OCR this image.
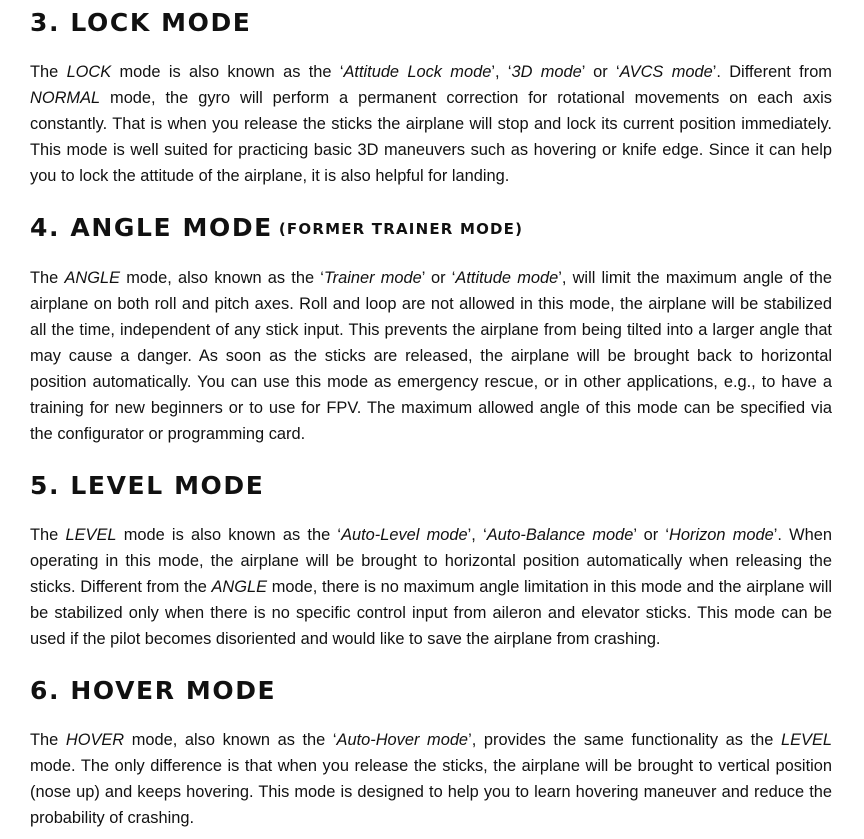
3. LOCK MODE

The LOCK mode is also known as the ‘Attitude Lock mode’, ‘3D mode’ or ‘AVCS mode’. Different from NORMAL mode, the gyro will perform a permanent correction for rotational movements on each axis constantly. That is when you release the sticks the airplane will stop and lock its current position immediately. This mode is well suited for practicing basic 3D maneuvers such as hovering or knife edge. Since it can help you to lock the attitude of the airplane, it is also helpful for landing.

4. ANGLE MODE (FORMER TRAINER MODE)

The ANGLE mode, also known as the ‘Trainer mode’ or ‘Attitude mode’, will limit the maximum angle of the airplane on both roll and pitch axes. Roll and loop are not allowed in this mode, the airplane will be stabilized all the time, independent of any stick input. This prevents the airplane from being tilted into a larger angle that may cause a danger. As soon as the sticks are released, the airplane will be brought back to horizontal position automatically. You can use this mode as emergency rescue, or in other applications, e.g., to have a training for new beginners or to use for FPV. The maximum allowed angle of this mode can be specified via the configurator or programming card.

5. LEVEL MODE

The LEVEL mode is also known as the ‘Auto-Level mode’, ‘Auto-Balance mode’ or ‘Horizon mode’. When operating in this mode, the airplane will be brought to horizontal position automatically when releasing the sticks. Different from the ANGLE mode, there is no maximum angle limitation in this mode and the airplane will be stabilized only when there is no specific control input from aileron and elevator sticks. This mode can be used if the pilot becomes disoriented and would like to save the airplane from crashing.

6. HOVER MODE

The HOVER mode, also known as the ‘Auto-Hover mode’, provides the same functionality as the LEVEL mode. The only difference is that when you release the sticks, the airplane will be brought to vertical position (nose up) and keeps hovering. This mode is designed to help you to learn hovering maneuver and reduce the probability of crashing.
